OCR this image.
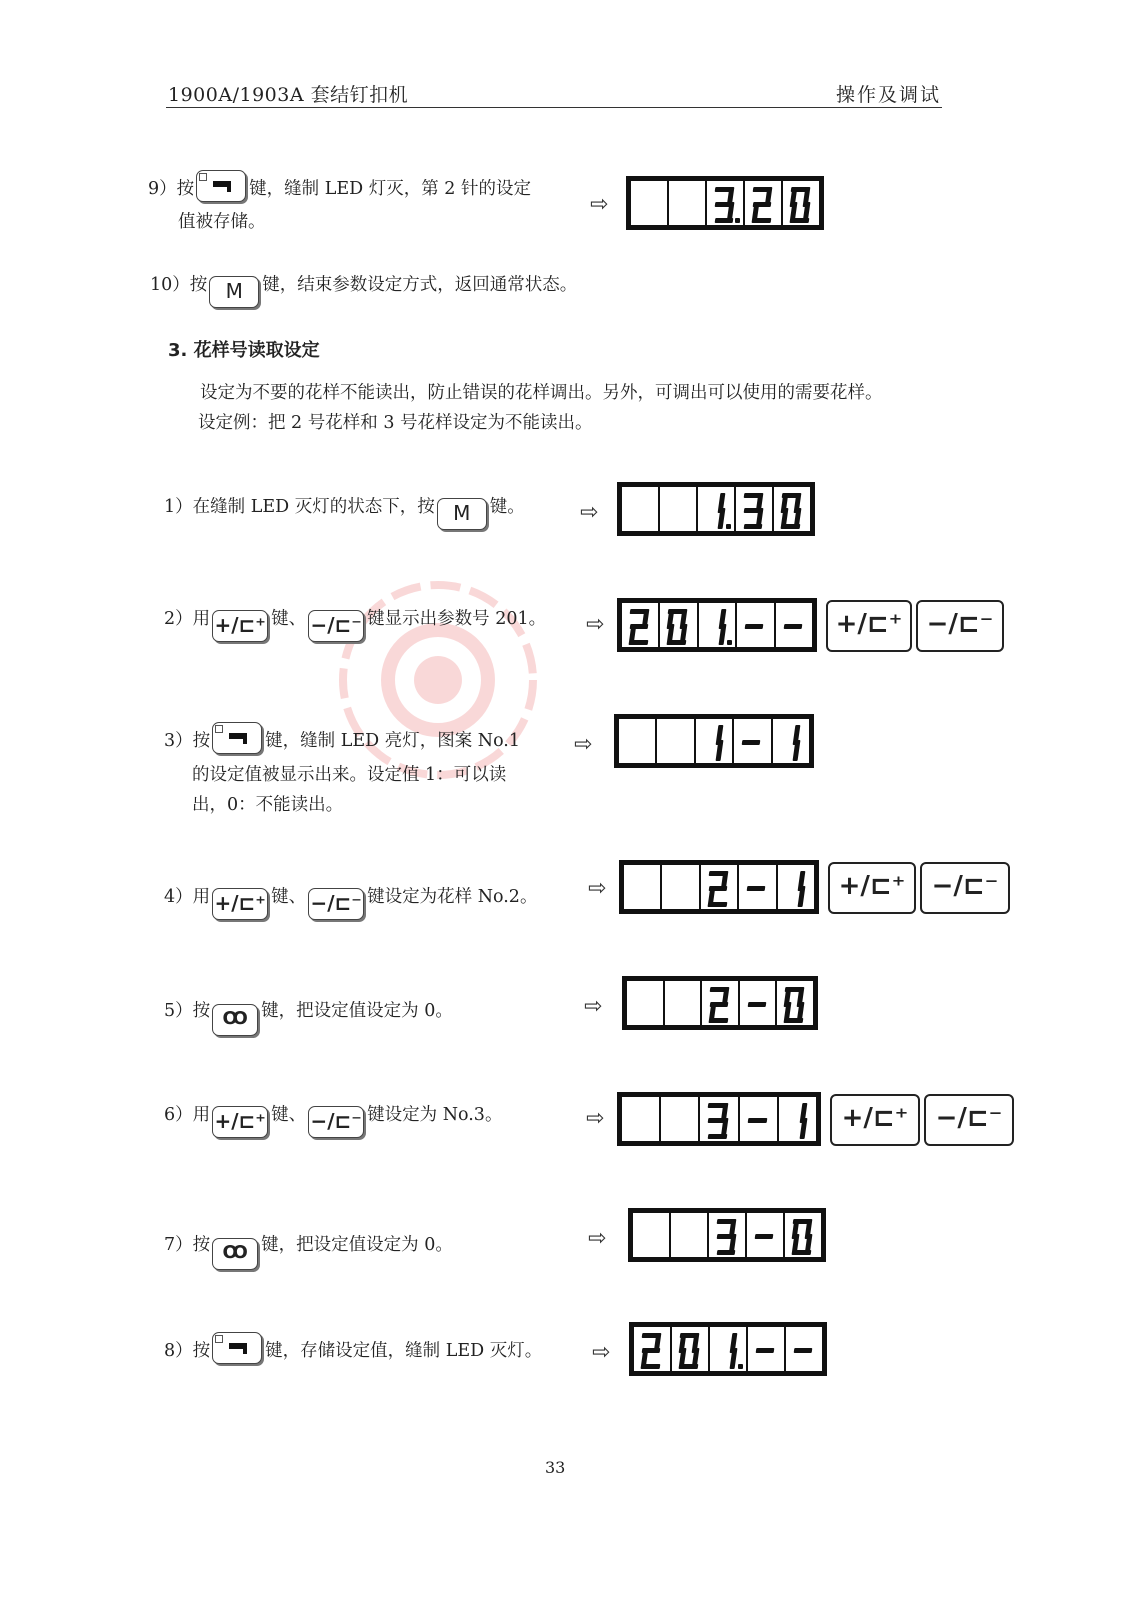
1900A/1903A 套结钉扣机	操作及调试
9）按	键，缝制 LED 灯灭，第 2 针的设定
值被存储。
⇨
10）按 M 键，结束参数设定方式，返回通常状态。
3. 花样号读取设定
设定为不要的花样不能读出，防止错误的花样调出。另外，可调出可以使用的需要花样。
设定例：把 2 号花样和 3 号花样设定为不能读出。
1）在缝制 LED 灭灯的状态下，按 M 键。	⇨
2）用 +/⊏⁺ 键、 −/⊏⁻ 键显示出参数号 201。 ⇨	+/⊏⁺ −/⊏⁻
3）按	键，缝制 LED 亮灯，图案 No.1
的设定值被显示出来。设定值 1：可以读
出，0：不能读出。
⇨
4）用 +/⊏⁺ 键、 −/⊏⁻ 键设定为花样 No.2。 ⇨	+/⊏⁺	−/⊏⁻
5）按 Ꝏ 键，把设定值设定为 0。	⇨
6）用 +/⊏⁺ 键、 −/⊏⁻ 键设定为 No.3。	⇨	+/⊏⁺	−/⊏⁻
7）按 Ꝏ 键，把设定值设定为 0。	⇨
8）按	键，存储设定值，缝制 LED 灭灯。 ⇨
33
